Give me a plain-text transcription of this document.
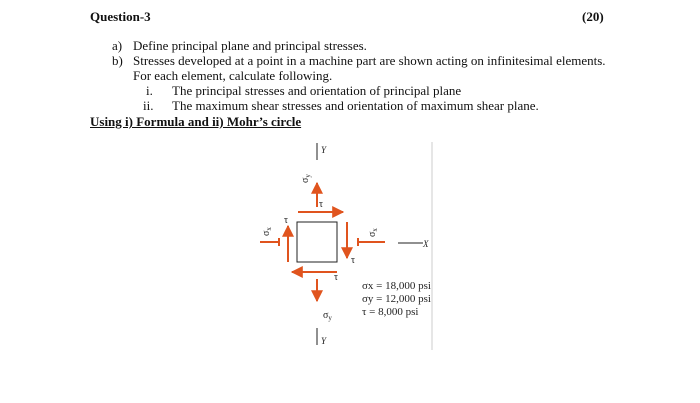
Question-3	(20)
a) Define principal plane and principal stresses.
b) Stresses developed at a point in a machine part are shown acting on infinitesimal elements.
For each element, calculate following.
i. The principal stresses and orientation of principal plane
ii. The maximum shear stresses and orientation of maximum shear plane.
Using i) Formula and ii) Mohr’s circle
Y
Y
X
$\sigma_y$
$\sigma_y$
$\sigma_x$
$\sigma_x$
τ
τ
τ
τ
σx = 18,000 psi
σy = 12,000 psi
τ = 8,000 psi
